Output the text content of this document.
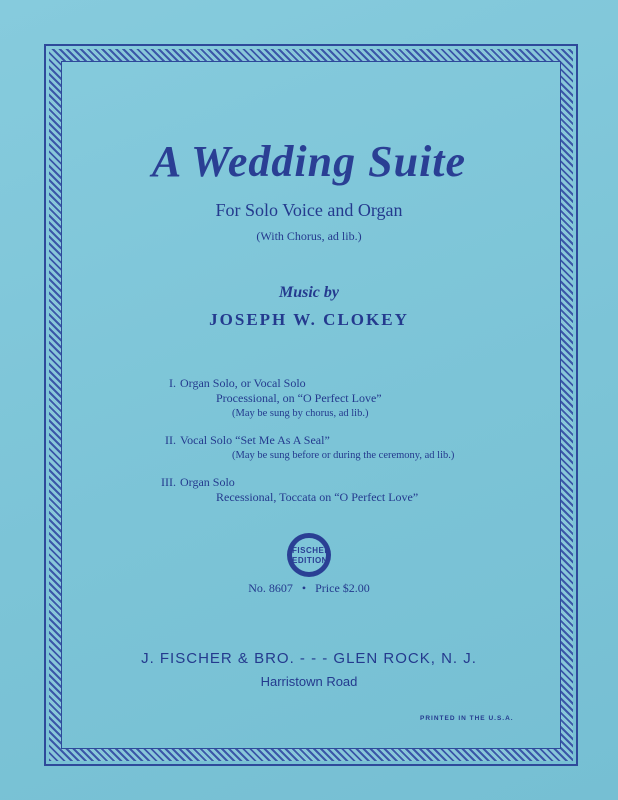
A Wedding Suite
For Solo Voice and Organ
(With Chorus, ad lib.)
Music by
JOSEPH W. CLOKEY
I. Organ Solo, or Vocal Solo
Processional, on “O Perfect Love”
(May be sung by chorus, ad lib.)
II. Vocal Solo “Set Me As A Seal”
(May be sung before or during the ceremony, ad lib.)
III. Organ Solo
Recessional, Toccata on “O Perfect Love”
FISCHER EDITION
No. 8607   •   Price $2.00
J. FISCHER & BRO. - - - GLEN ROCK, N. J.
Harristown Road
PRINTED IN THE U.S.A.
